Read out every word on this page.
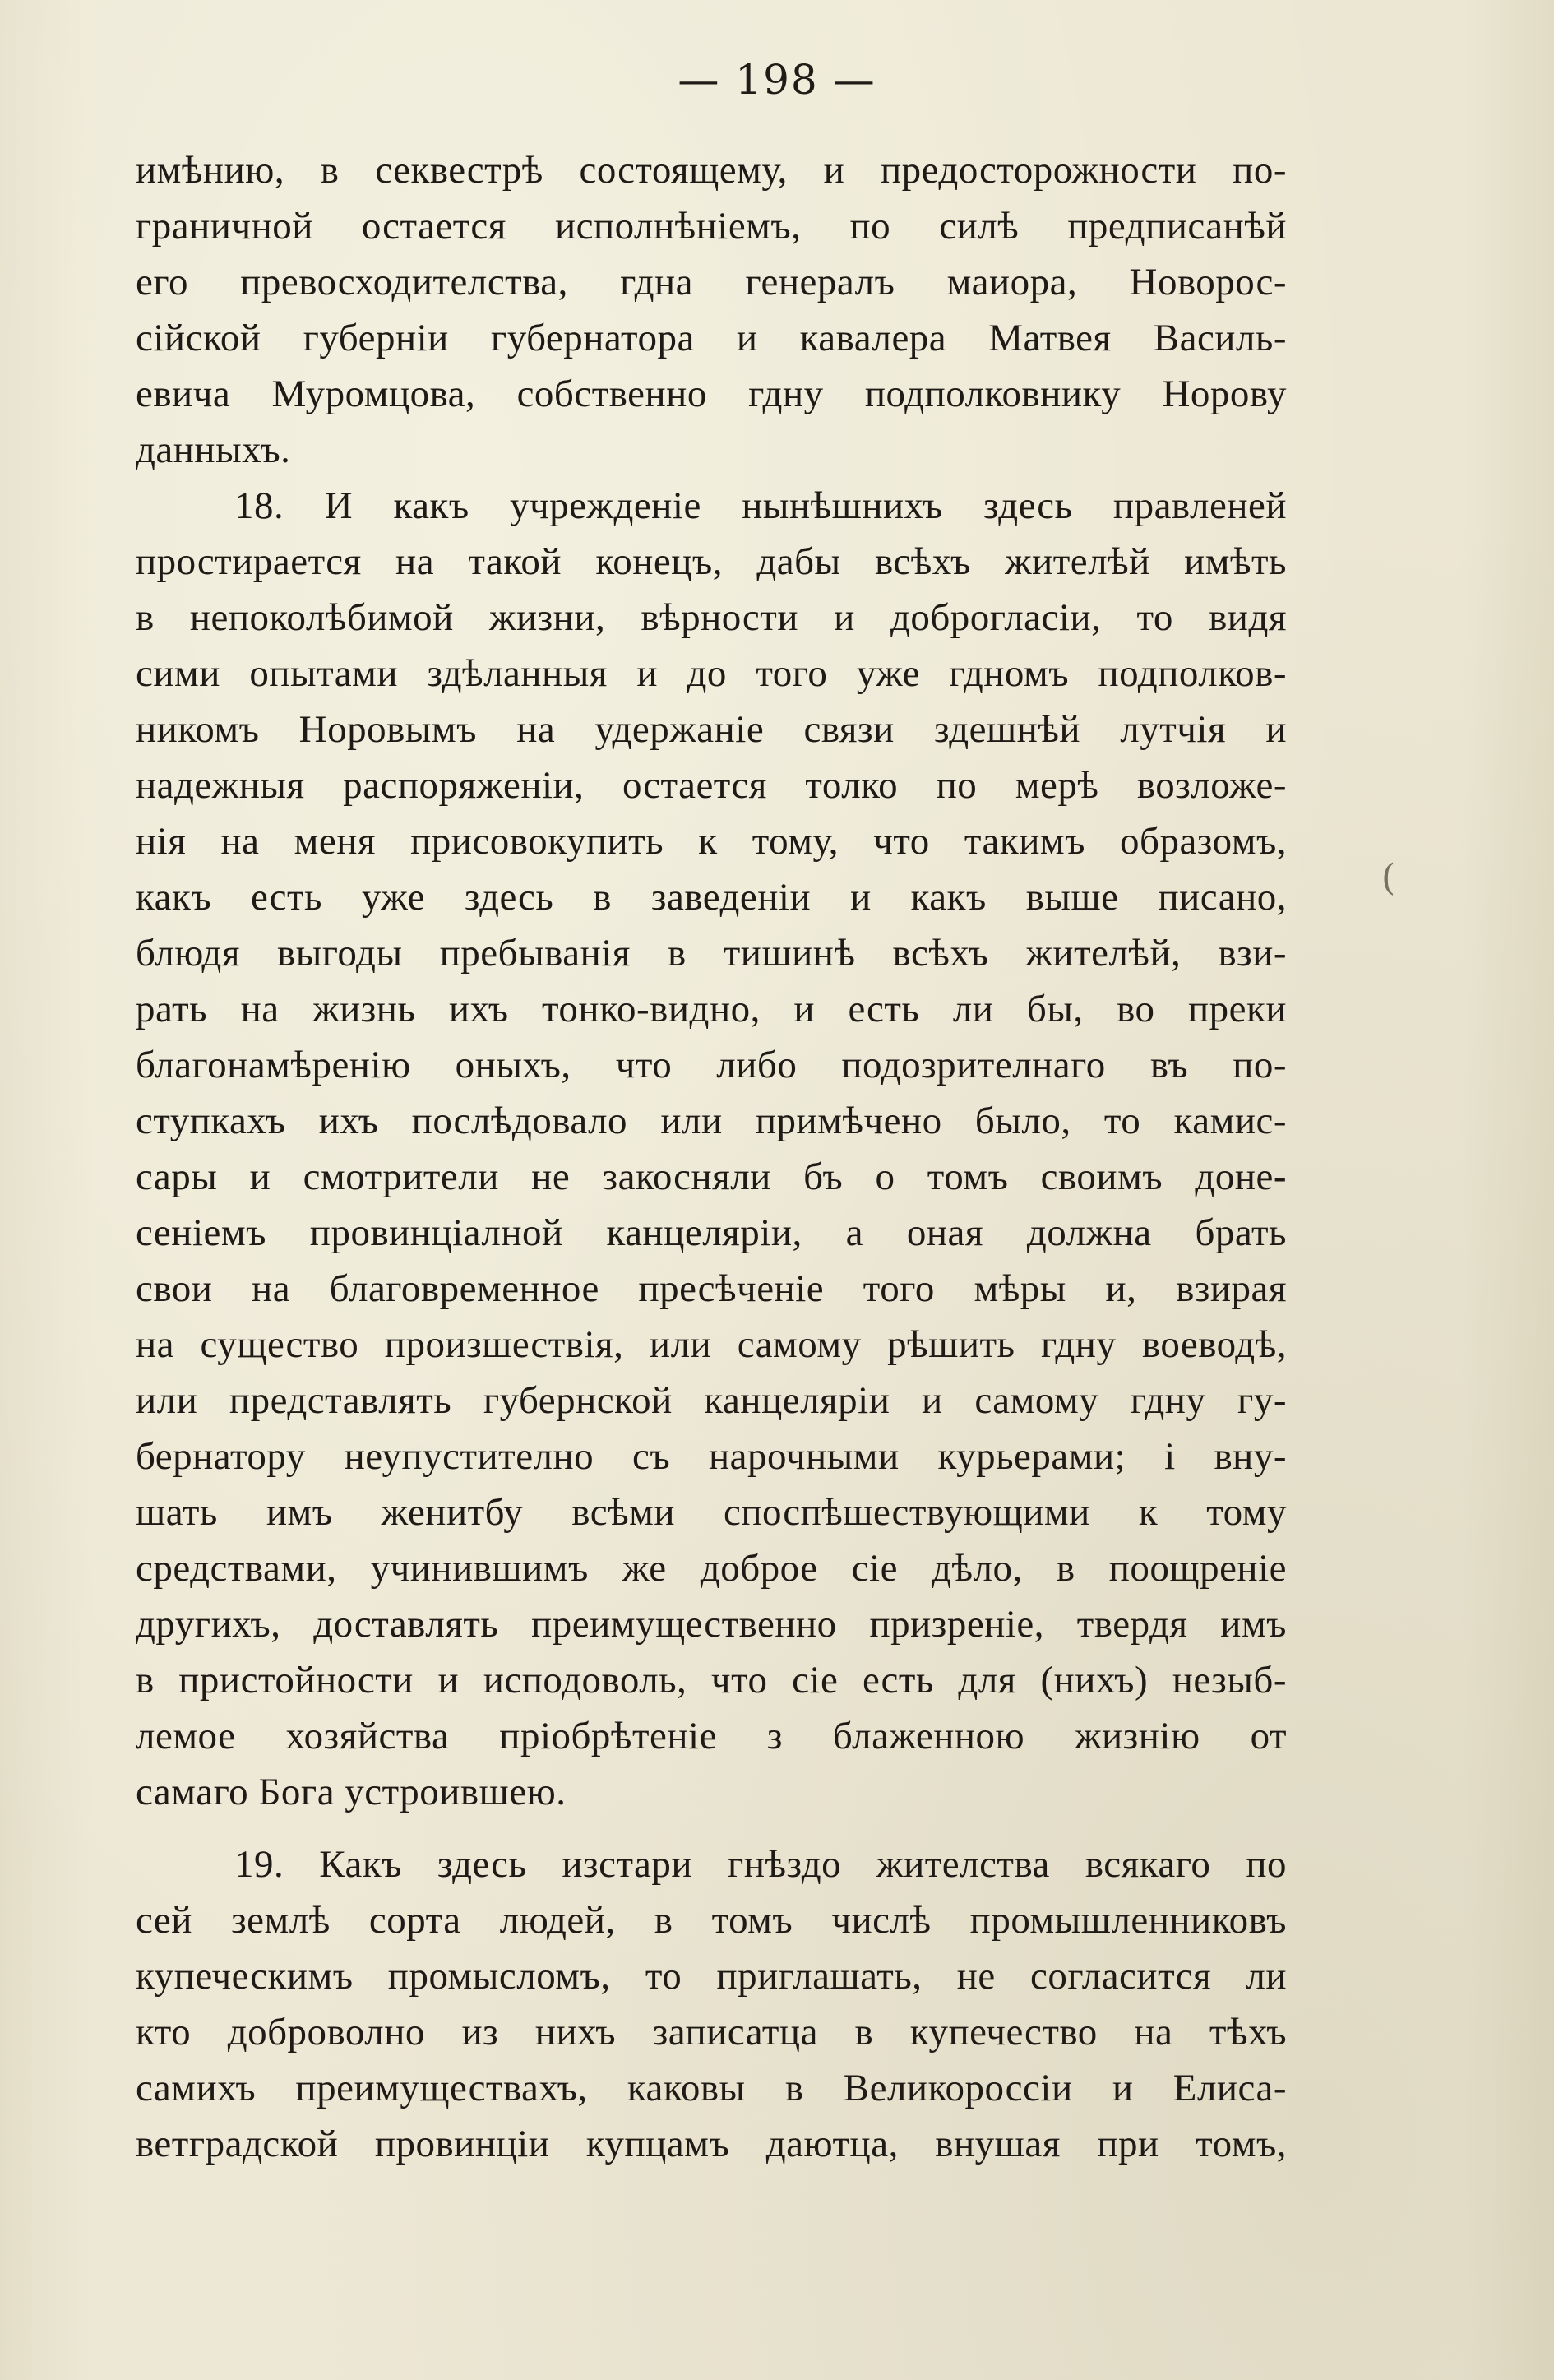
— 198 —
имѣнию, в секвестрѣ состоящему, и предосторожности по-
граничной остается исполнѣніемъ, по силѣ предписанѣй
его превосходителства, гдна генералъ маиора, Новорос-
сійской губерніи губернатора и кавалера Матвея Василь-
евича Муромцова, собственно гдну подполковнику Норову
данныхъ.
18. И какъ учрежденіе нынѣшнихъ здесь правленей
простирается на такой конецъ, дабы всѣхъ жителѣй имѣть
в непоколѣбимой жизни, вѣрности и доброгласіи, то видя
сими опытами здѣланныя и до того уже гдномъ подполков-
никомъ Норовымъ на удержаніе связи здешнѣй лутчія и
надежныя распоряженіи, остается толко по мерѣ возложе-
нія на меня присовокупить к тому, что такимъ образомъ,
какъ есть уже здесь в заведеніи и какъ выше писано,
блюдя выгоды пребыванія в тишинѣ всѣхъ жителѣй, взи-
рать на жизнь ихъ тонко-видно, и есть ли бы, во преки
благонамѣренію оныхъ, что либо подозрителнаго въ по-
ступкахъ ихъ послѣдовало или примѣчено было, то камиc-
сары и смотрители не закосняли бъ о томъ своимъ доне-
сеніемъ провинціалной канцеляріи, а оная должна брать
свои на благовременное пресѣченіе того мѣры и, взирая
на существо произшествія, или самому рѣшить гдну воеводѣ,
или представлять губернской канцеляріи и самому гдну гу-
бернатору неупустително съ нарочными курьерами; і вну-
шать имъ женитбу всѣми споспѣшествующими к тому
средствами, учинившимъ же доброе сіе дѣло, в поощреніе
другихъ, доставлять преимущественно призреніе, твердя имъ
в пристойности и исподоволь, что сіе есть для (нихъ) незыб-
лемое хозяйства пріобрѣтеніе з блаженною жизнію от
самаго Бога устроившею.
19. Какъ здесь изстари гнѣздо жителства всякаго по
сей землѣ сорта людей, в томъ числѣ промышленниковъ
купеческимъ промысломъ, то приглашать, не согласится ли
кто доброволно из нихъ записатца в купечество на тѣхъ
самихъ преимуществахъ, каковы в Великороссіи и Елиса-
ветградской провинціи купцамъ даютца, внушая при томъ,
(
